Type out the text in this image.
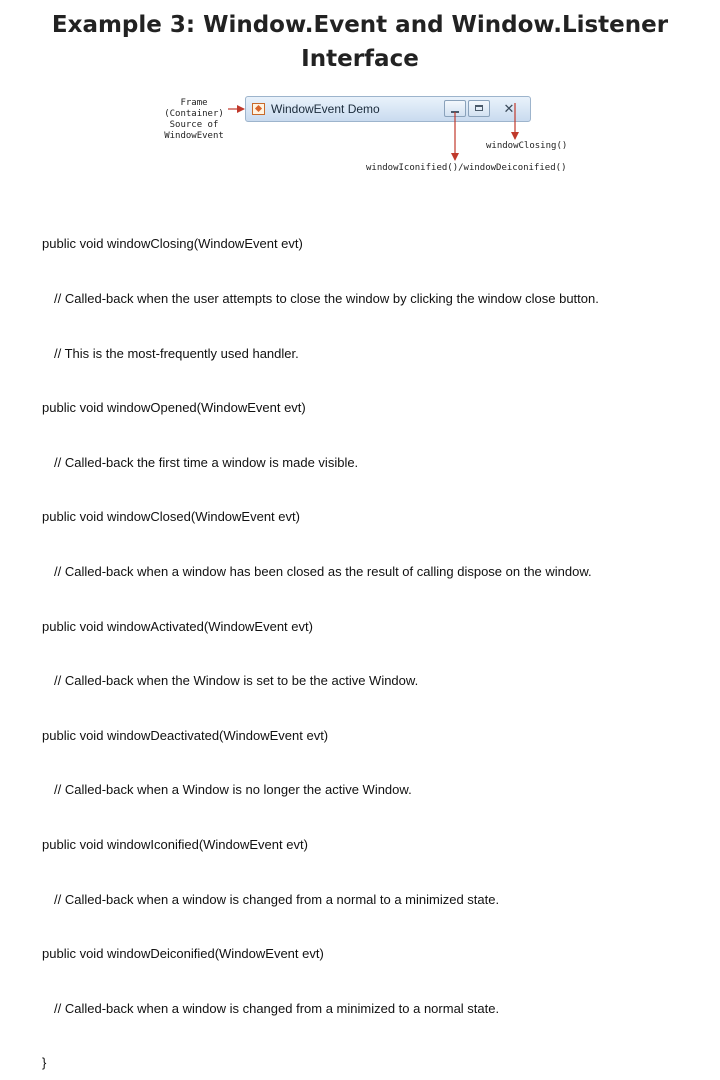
Example 3: Window.Event and Window.Listener
Interface
Frame
(Container)
Source of
WindowEvent
WindowEvent Demo	✕
windowClosing()
windowIconified()/windowDeiconified()

public void windowClosing(WindowEvent evt)

// Called-back when the user attempts to close the window by clicking the window close button.

// This is the most-frequently used handler.

public void windowOpened(WindowEvent evt)

// Called-back the first time a window is made visible.

public void windowClosed(WindowEvent evt)

// Called-back when a window has been closed as the result of calling dispose on the window.

public void windowActivated(WindowEvent evt)

// Called-back when the Window is set to be the active Window.

public void windowDeactivated(WindowEvent evt)

// Called-back when a Window is no longer the active Window.

public void windowIconified(WindowEvent evt)

// Called-back when a window is changed from a normal to a minimized state.

public void windowDeiconified(WindowEvent evt)

// Called-back when a window is changed from a minimized to a normal state.

}
